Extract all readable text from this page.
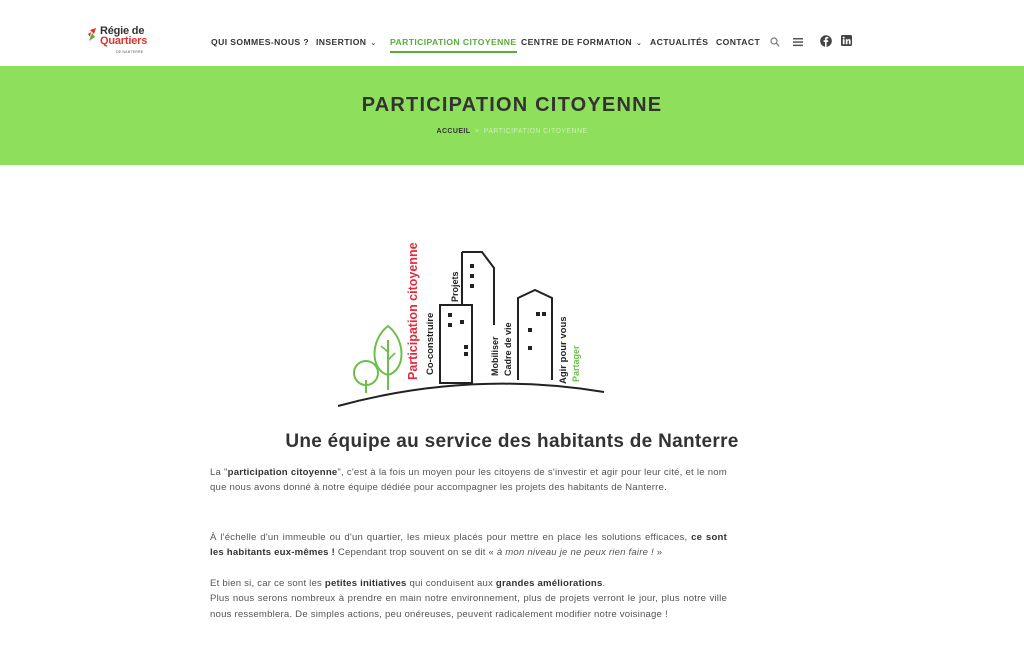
Régie de
Quartiers
DE NANTERRE
QUI SOMMES-NOUS ? INSERTION ⌄ PARTICIPATION CITOYENNE CENTRE DE FORMATION ⌄ ACTUALITÉS CONTACT
PARTICIPATION CITOYENNE
ACCUEIL > PARTICIPATION CITOYENNE
Participation citoyenne Co-construire
Projets
Mobiliser Cadre de vie	Agir pour vous Partager
Une équipe au service des habitants de Nanterre

La "participation citoyenne", c'est à la fois un moyen pour les citoyens de s'investir et agir pour leur cité, et le nom que nous avons donné à notre équipe dédiée pour accompagner les projets des habitants de Nanterre.

À l'échelle d'un immeuble ou d'un quartier, les mieux placés pour mettre en place les solutions efficaces, ce sont les habitants eux-mêmes ! Cependant trop souvent on se dit « à mon niveau je ne peux rien faire ! »

Et bien si, car ce sont les petites initiatives qui conduisent aux grandes améliorations.
Plus nous serons nombreux à prendre en main notre environnement, plus de projets verront le jour, plus notre ville nous ressemblera. De simples actions, peu onéreuses, peuvent radicalement modifier notre voisinage !
